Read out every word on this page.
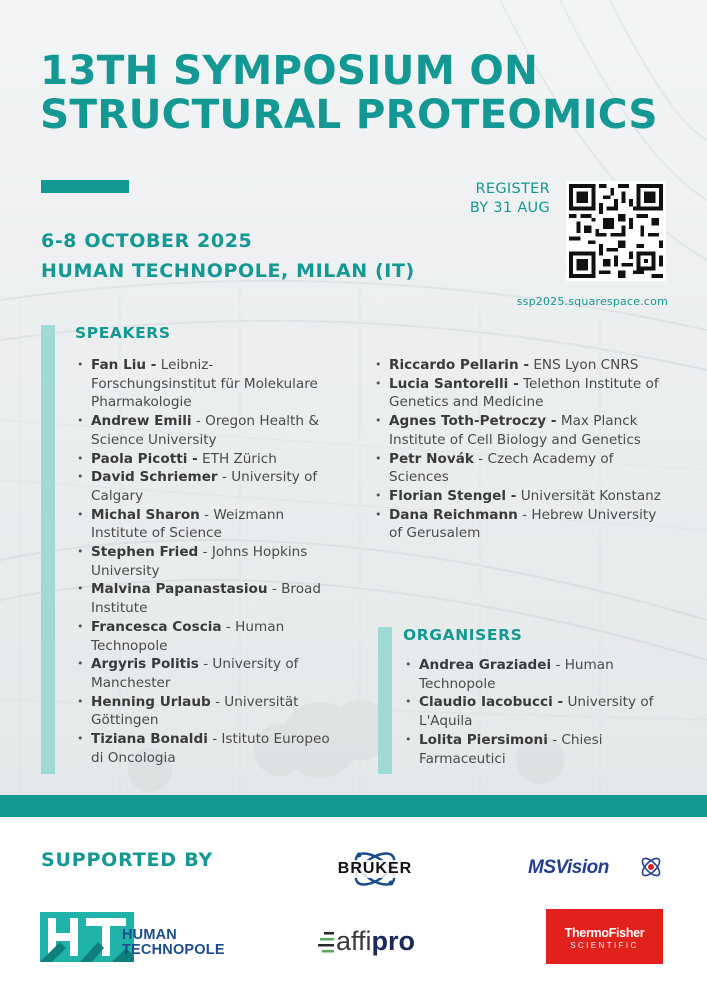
13TH SYMPOSIUM ON
STRUCTURAL PROTEOMICS
REGISTER
BY 31 AUG
ssp2025.squarespace.com
6-8 OCTOBER 2025
HUMAN TECHNOPOLE, MILAN (IT)
SPEAKERS
• Fan Liu - Leibniz-Forschungsinstitut für Molekulare Pharmakologie
• Andrew Emili - Oregon Health & Science University
• Paola Picotti - ETH Zürich
• David Schriemer - University of Calgary
• Michal Sharon - Weizmann Institute of Science
• Stephen Fried - Johns Hopkins University
• Malvina Papanastasiou - Broad Institute
• Francesca Coscia - Human Technopole
• Argyris Politis - University of Manchester
• Henning Urlaub - Universität Göttingen
• Tiziana Bonaldi - Istituto Europeo di Oncologia
• Riccardo Pellarin - ENS Lyon CNRS
• Lucia Santorelli - Telethon Institute of Genetics and Medicine
• Agnes Toth-Petroczy - Max Planck Institute of Cell Biology and Genetics
• Petr Novák - Czech Academy of Sciences
• Florian Stengel - Universität Konstanz
• Dana Reichmann - Hebrew University of Gerusalem
ORGANISERS
• Andrea Graziadei - Human Technopole
• Claudio Iacobucci - University of L'Aquila
• Lolita Piersimoni - Chiesi Farmaceutici
SUPPORTED BY	BRUKER	MSVision
HUMAN
TECHNOPOLE	affipro	ThermoFisher
SCIENTIFIC
